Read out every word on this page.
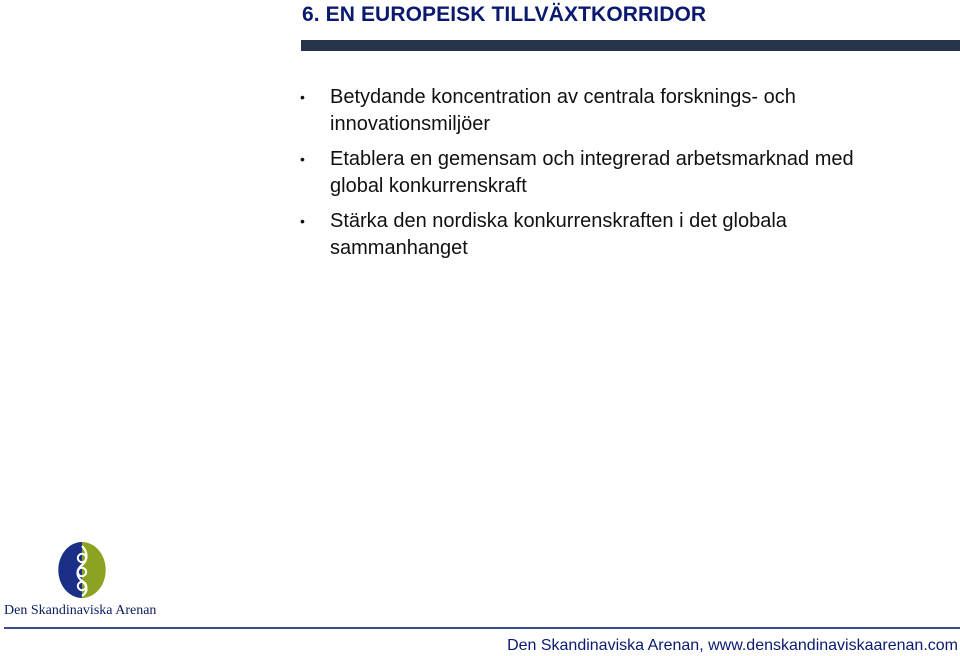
6. EN EUROPEISK TILLVÄXTKORRIDOR
• Betydande koncentration av centrala forsknings- och
innovationsmiljöer
• Etablera en gemensam och integrerad arbetsmarknad med
global konkurrenskraft
• Stärka den nordiska konkurrenskraften i det globala
sammanhanget
Den Skandinaviska Arenan
Den Skandinaviska Arenan, www.denskandinaviskaarenan.com
